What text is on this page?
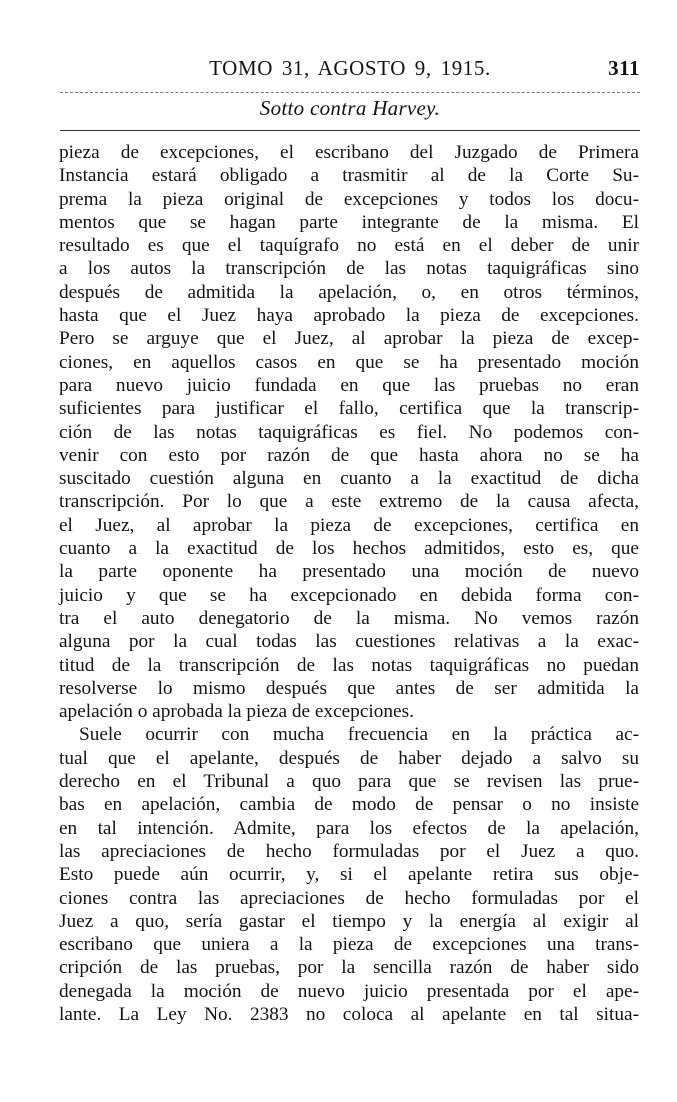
TOMO 31, AGOSTO 9, 1915.	311
Sotto contra Harvey.
pieza de excepciones, el escribano del Juzgado de Primera
Instancia estará obligado a trasmitir al de la Corte Su-
prema la pieza original de excepciones y todos los docu-
mentos que se hagan parte integrante de la misma. El
resultado es que el taquígrafo no está en el deber de unir
a los autos la transcripción de las notas taquigráficas sino
después de admitida la apelación, o, en otros términos,
hasta que el Juez haya aprobado la pieza de excepciones.
Pero se arguye que el Juez, al aprobar la pieza de excep-
ciones, en aquellos casos en que se ha presentado moción
para nuevo juicio fundada en que las pruebas no eran
suficientes para justificar el fallo, certifica que la transcrip-
ción de las notas taquigráficas es fiel. No podemos con-
venir con esto por razón de que hasta ahora no se ha
suscitado cuestión alguna en cuanto a la exactitud de dicha
transcripción. Por lo que a este extremo de la causa afecta,
el Juez, al aprobar la pieza de excepciones, certifica en
cuanto a la exactitud de los hechos admitidos, esto es, que
la parte oponente ha presentado una moción de nuevo
juicio y que se ha excepcionado en debida forma con-
tra el auto denegatorio de la misma. No vemos razón
alguna por la cual todas las cuestiones relativas a la exac-
titud de la transcripción de las notas taquigráficas no puedan
resolverse lo mismo después que antes de ser admitida la
apelación o aprobada la pieza de excepciones.
Suele ocurrir con mucha frecuencia en la práctica ac-
tual que el apelante, después de haber dejado a salvo su
derecho en el Tribunal a quo para que se revisen las prue-
bas en apelación, cambia de modo de pensar o no insiste
en tal intención. Admite, para los efectos de la apelación,
las apreciaciones de hecho formuladas por el Juez a quo.
Esto puede aún ocurrir, y, si el apelante retira sus obje-
ciones contra las apreciaciones de hecho formuladas por el
Juez a quo, sería gastar el tiempo y la energía al exigir al
escribano que uniera a la pieza de excepciones una trans-
cripción de las pruebas, por la sencilla razón de haber sido
denegada la moción de nuevo juicio presentada por el ape-
lante. La Ley No. 2383 no coloca al apelante en tal situa-
